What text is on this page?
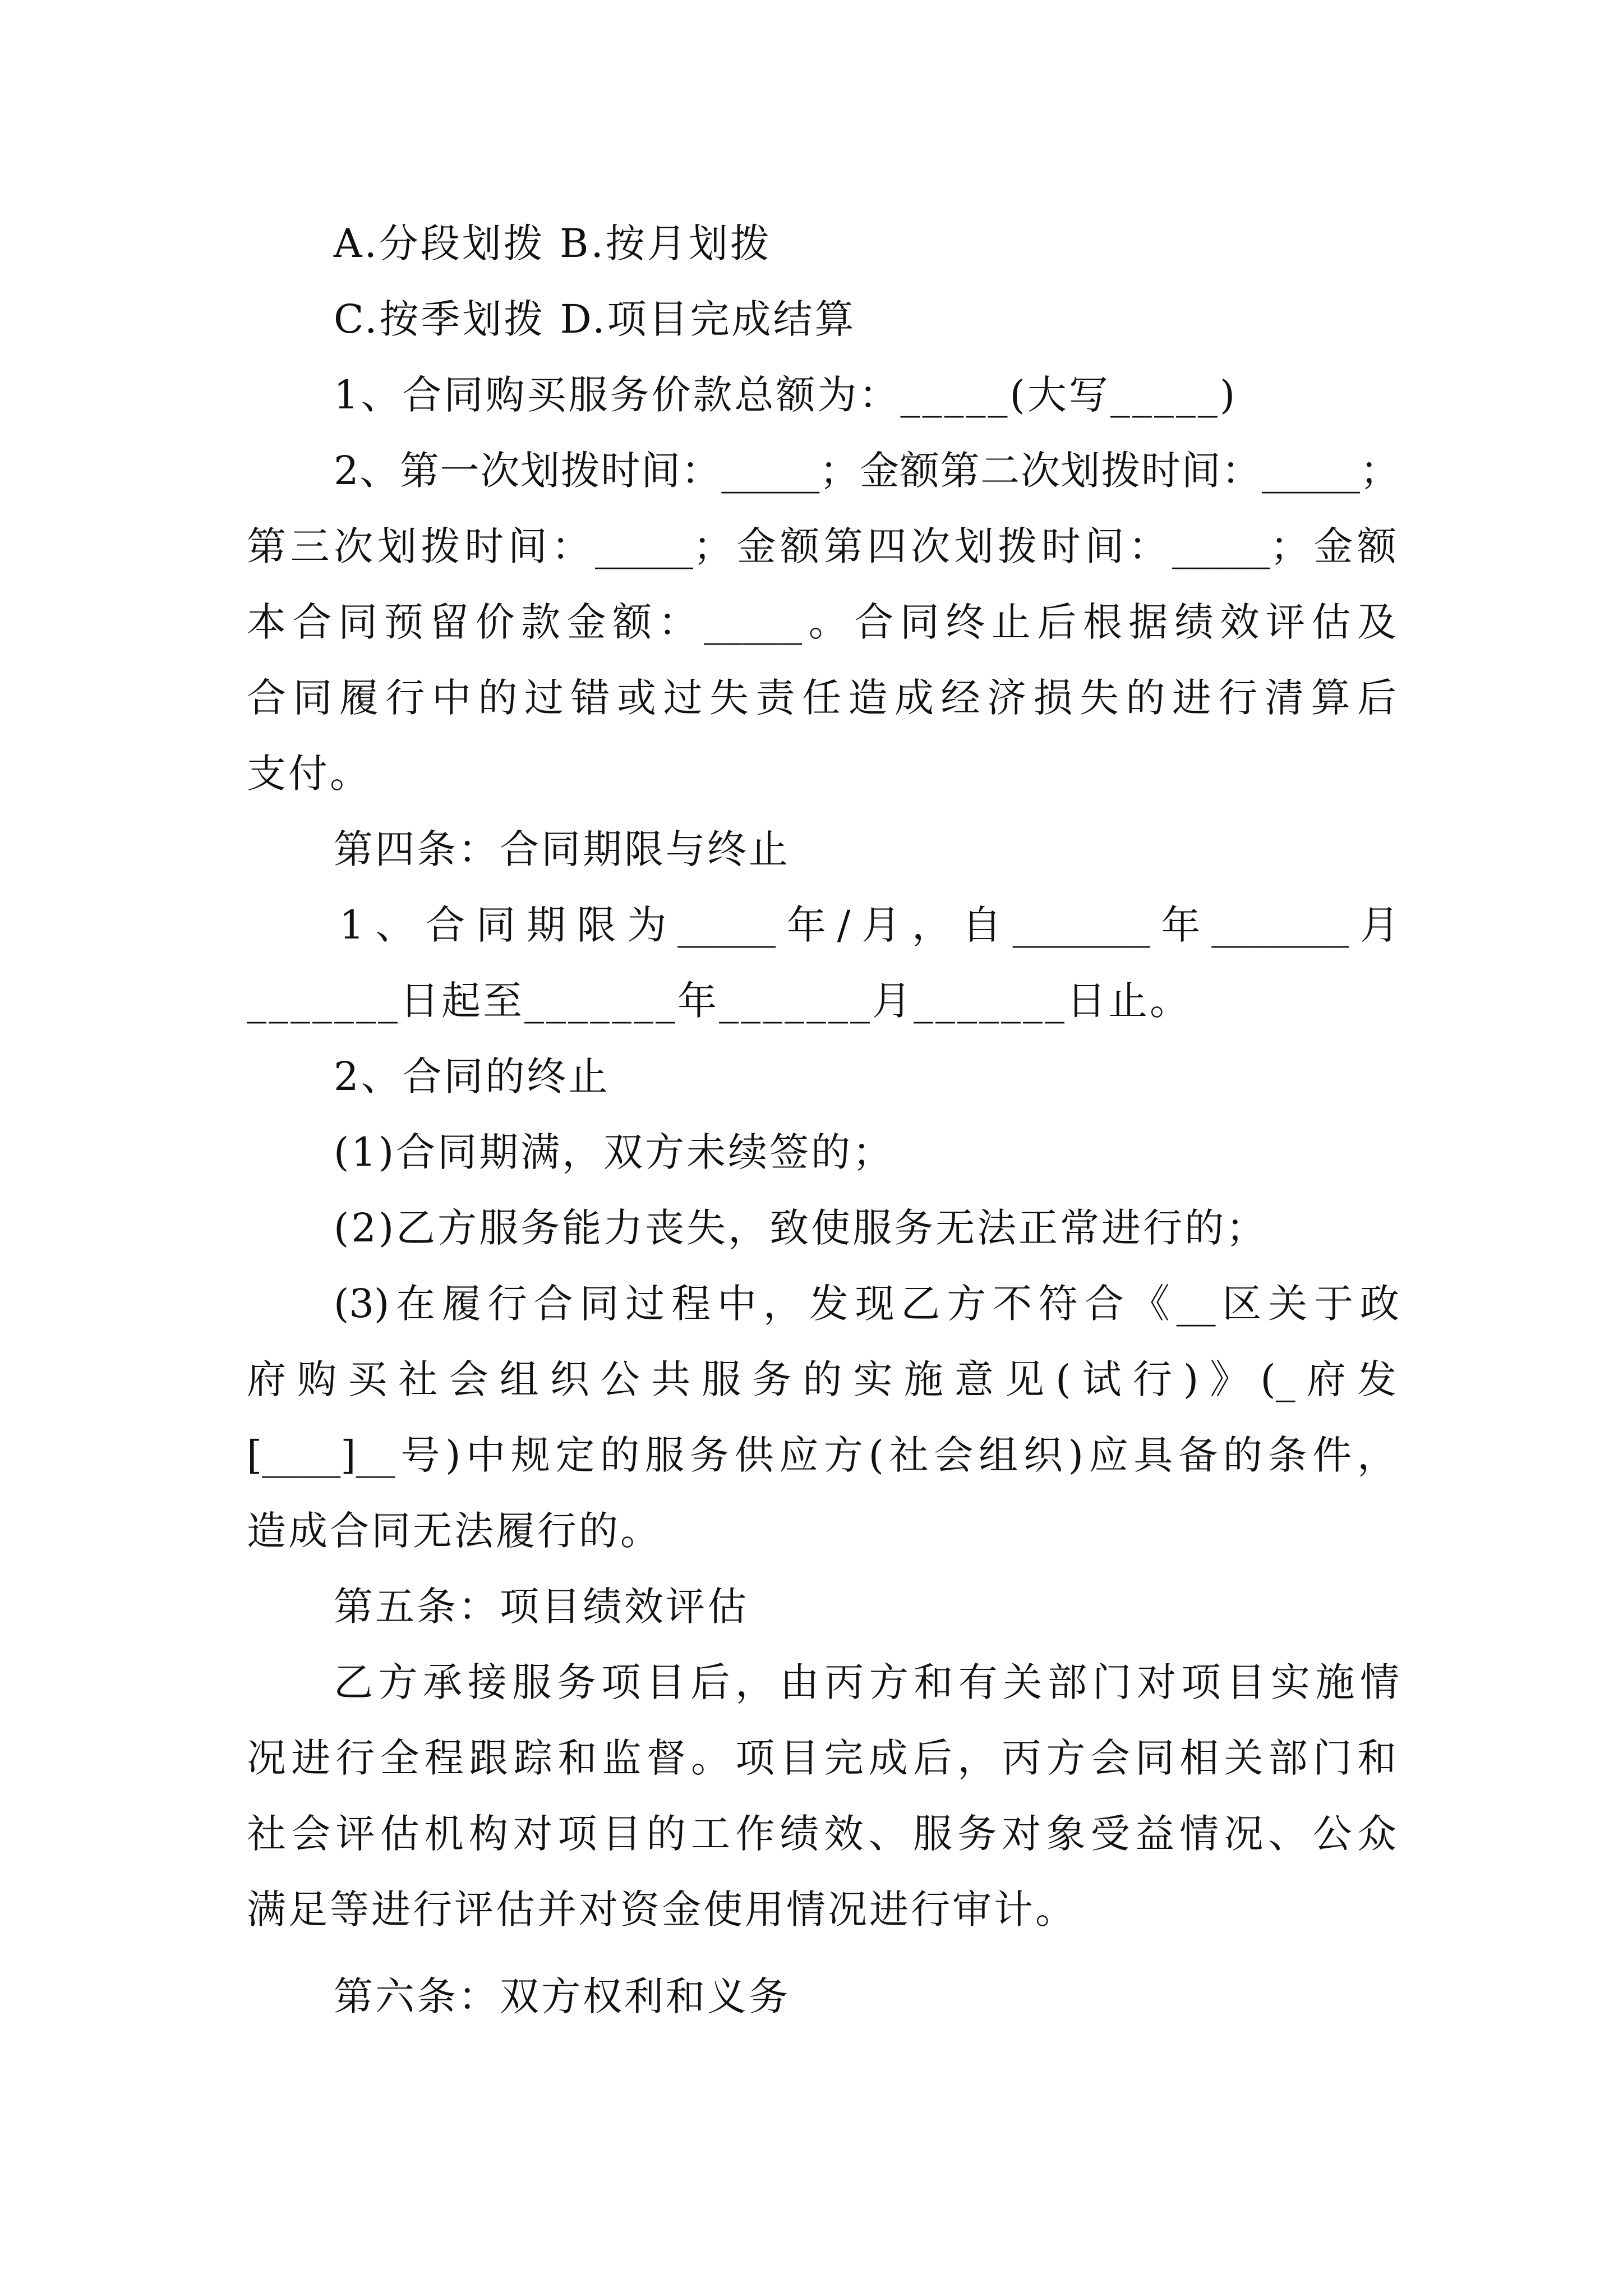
A.分段划拨 B.按月划拨
C.按季划拨 D.项目完成结算
1、合同购买服务价款总额为：_____(大写_____)
2、第一次划拨时间：_____；金额第二次划拨时间：_____；
第三次划拨时间：_____；金额第四次划拨时间：_____；金额
本合同预留价款金额：_____。合同终止后根据绩效评估及
合同履行中的过错或过失责任造成经济损失的进行清算后
支付。
第四条：合同期限与终止
1、合同期限为_____年/月，自_______年_______月
_______日起至_______年_______月_______日止。
2、合同的终止
(1)合同期满，双方未续签的；
(2)乙方服务能力丧失，致使服务无法正常进行的；
(3)在履行合同过程中，发现乙方不符合《__区关于政
府购买社会组织公共服务的实施意见(试行)》(_府发
[____]__号)中规定的服务供应方(社会组织)应具备的条件，
造成合同无法履行的。
第五条：项目绩效评估
乙方承接服务项目后，由丙方和有关部门对项目实施情
况进行全程跟踪和监督。项目完成后，丙方会同相关部门和
社会评估机构对项目的工作绩效、服务对象受益情况、公众
满足等进行评估并对资金使用情况进行审计。
第六条：双方权利和义务
